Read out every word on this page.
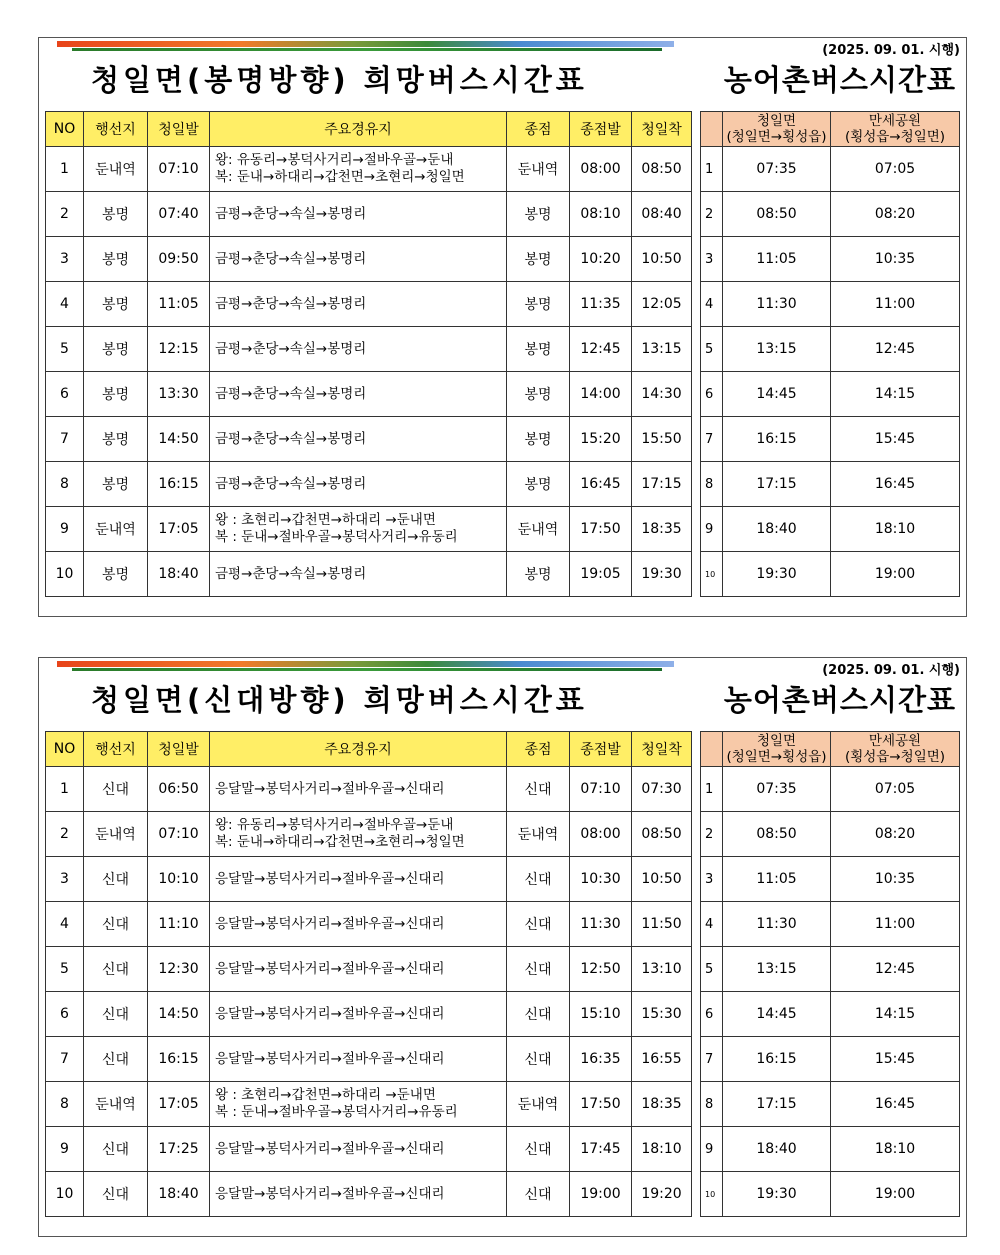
(2025. 09. 01. 시행)
청일면(봉명방향) 희망버스시간표	농어촌버스시간표
NO	행선지	청일발	주요경유지	종점	종점발	청일착
1	둔내역	07:10	왕: 유동리→봉덕사거리→절바우골→둔내
복: 둔내→하대리→갑천면→초현리→청일면	둔내역	08:00	08:50
2	봉명	07:40	금평→춘당→속실→봉명리	봉명	08:10	08:40
3	봉명	09:50	금평→춘당→속실→봉명리	봉명	10:20	10:50
4	봉명	11:05	금평→춘당→속실→봉명리	봉명	11:35	12:05
5	봉명	12:15	금평→춘당→속실→봉명리	봉명	12:45	13:15
6	봉명	13:30	금평→춘당→속실→봉명리	봉명	14:00	14:30
7	봉명	14:50	금평→춘당→속실→봉명리	봉명	15:20	15:50
8	봉명	16:15	금평→춘당→속실→봉명리	봉명	16:45	17:15
9	둔내역	17:05	왕 : 초현리→갑천면→하대리 →둔내면
복 : 둔내→절바우골→봉덕사거리→유동리	둔내역	17:50	18:35
10	봉명	18:40	금평→춘당→속실→봉명리	봉명	19:05	19:30

	청일면
(청일면→횡성읍)	만세공원
(횡성읍→청일면)

1	07:35	07:05
2	08:50	08:20
3	11:05	10:35
4	11:30	11:00
5	13:15	12:45
6	14:45	14:15
7	16:15	15:45
8	17:15	16:45
9	18:40	18:10
10	19:30	19:00
(2025. 09. 01. 시행)
청일면(신대방향) 희망버스시간표	농어촌버스시간표
NO	행선지	청일발	주요경유지	종점	종점발	청일착
1	신대	06:50	응달말→봉덕사거리→절바우골→신대리	신대	07:10	07:30
2	둔내역	07:10	왕: 유동리→봉덕사거리→절바우골→둔내
복: 둔내→하대리→갑천면→초현리→청일면	둔내역	08:00	08:50
3	신대	10:10	응달말→봉덕사거리→절바우골→신대리	신대	10:30	10:50
4	신대	11:10	응달말→봉덕사거리→절바우골→신대리	신대	11:30	11:50
5	신대	12:30	응달말→봉덕사거리→절바우골→신대리	신대	12:50	13:10
6	신대	14:50	응달말→봉덕사거리→절바우골→신대리	신대	15:10	15:30
7	신대	16:15	응달말→봉덕사거리→절바우골→신대리	신대	16:35	16:55
8	둔내역	17:05	왕 : 초현리→갑천면→하대리 →둔내면
복 : 둔내→절바우골→봉덕사거리→유동리	둔내역	17:50	18:35
9	신대	17:25	응달말→봉덕사거리→절바우골→신대리	신대	17:45	18:10
10	신대	18:40	응달말→봉덕사거리→절바우골→신대리	신대	19:00	19:20

	청일면
(청일면→횡성읍)	만세공원
(횡성읍→청일면)

1	07:35	07:05
2	08:50	08:20
3	11:05	10:35
4	11:30	11:00
5	13:15	12:45
6	14:45	14:15
7	16:15	15:45
8	17:15	16:45
9	18:40	18:10
10	19:30	19:00
